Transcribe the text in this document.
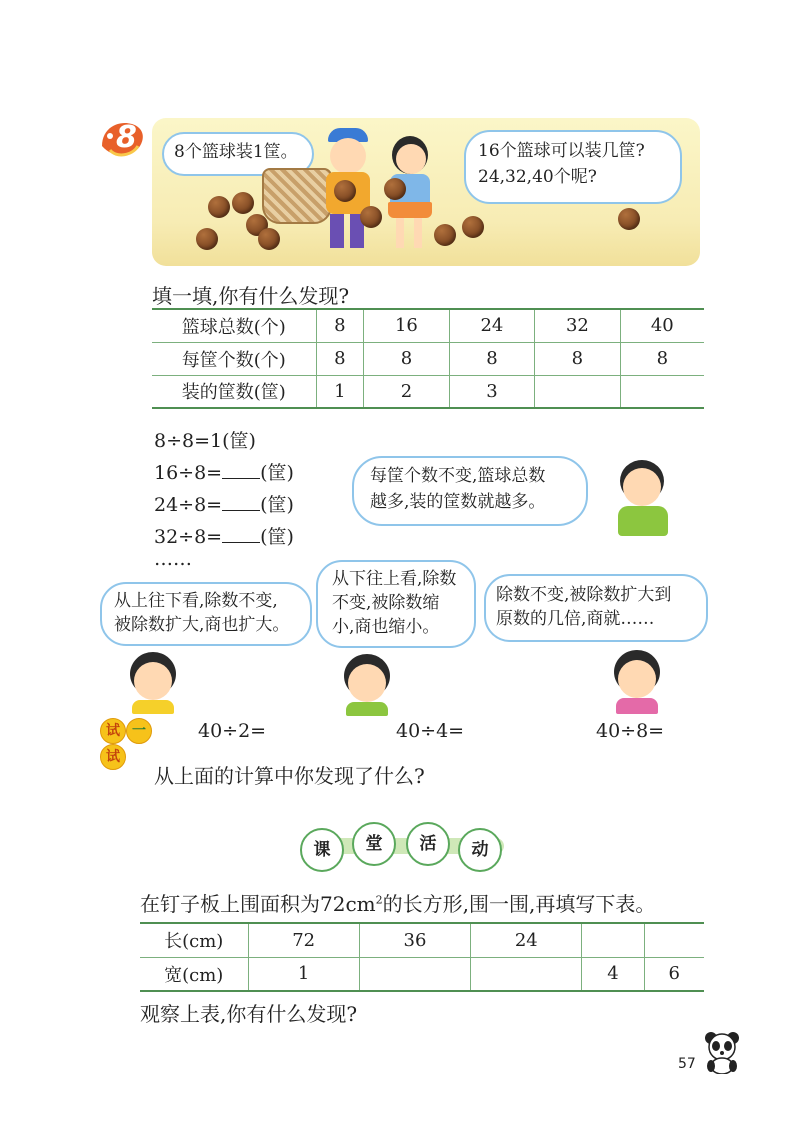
8 8个篮球装1筐。	16个篮球可以装几筐?
24,32,40个呢?
填一填,你有什么发现?
篮球总数(个)	8	16	24	32	40
每筐个数(个)	8	8	8	8	8
装的筐数(筐)	1	2	3		
8÷8=1(筐)
16÷8= (筐)
24÷8= (筐)
32÷8= (筐)
……
每筐个数不变,篮球总数
越多,装的筐数就越多。
从上往下看,除数不变,
被除数扩大,商也扩大。
从下往上看,除数
不变,被除数缩
小,商也缩小。
除数不变,被除数扩大到
原数的几倍,商就……
试 一试
40÷2=	40÷4=	40÷8=
从上面的计算中你发现了什么?
课	堂	活	动
在钉子板上围面积为$72cm^2$的长方形,围一围,再填写下表。
长(cm)	72	36	24		
宽(cm)	1			4	6
观察上表,你有什么发现?
57
